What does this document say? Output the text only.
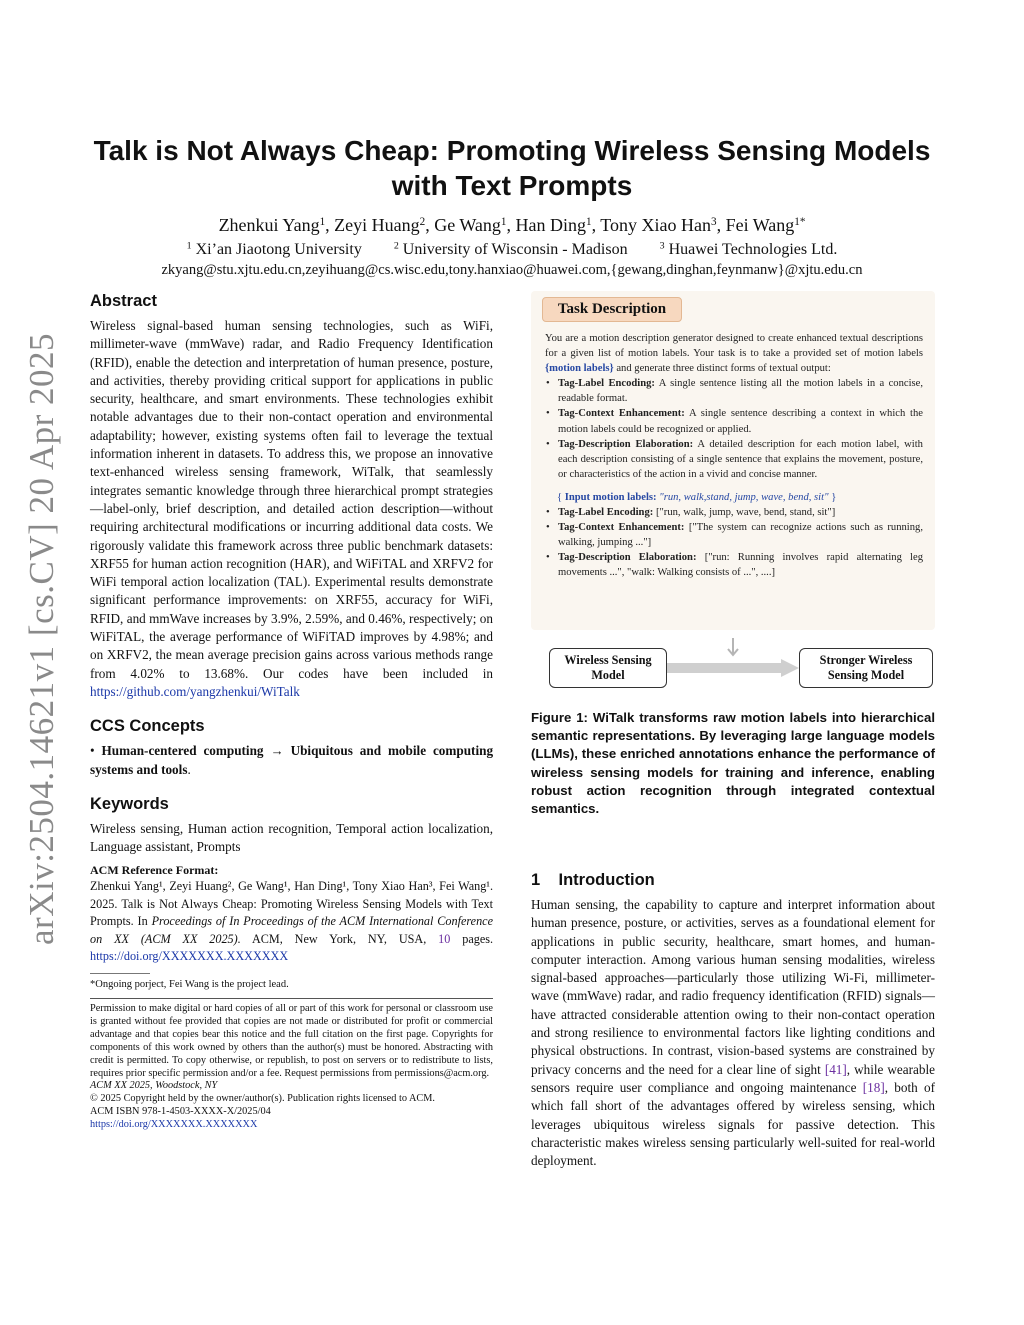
arXiv:2504.14621v1 [cs.CV] 20 Apr 2025
Talk is Not Always Cheap: Promoting Wireless Sensing Models
with Text Prompts
Zhenkui Yang$^1$, Zeyi Huang$^2$, Ge Wang$^1$, Han Ding$^1$, Tony Xiao Han$^3$, Fei Wang$^{1*}$
$^1$ Xi’an Jiaotong University	$^2$ University of Wisconsin - Madison	$^3$ Huawei Technologies Ltd.
zkyang@stu.xjtu.edu.cn,zeyihuang@cs.wisc.edu,tony.hanxiao@huawei.com,{gewang,dinghan,feynmanw}@xjtu.edu.cn
Abstract

Wireless signal-based human sensing technologies, such as WiFi, millimeter-wave (mmWave) radar, and Radio Frequency Identification (RFID), enable the detection and interpretation of human presence, posture, and activities, thereby providing critical support for applications in public security, healthcare, and smart environments. These technologies exhibit notable advantages due to their non-contact operation and environmental adaptability; however, existing systems often fail to leverage the textual information inherent in datasets. To address this, we propose an innovative text-enhanced wireless sensing framework, WiTalk, that seamlessly integrates semantic knowledge through three hierarchical prompt strategies—label-only, brief description, and detailed action description—without requiring architectural modifications or incurring additional data costs. We rigorously validate this framework across three public benchmark datasets: XRF55 for human action recognition (HAR), and WiFiTAL and XRFV2 for WiFi temporal action localization (TAL). Experimental results demonstrate significant performance improvements: on XRF55, accuracy for WiFi, RFID, and mmWave increases by 3.9%, 2.59%, and 0.46%, respectively; on WiFiTAL, the average performance of WiFiTAD improves by 4.98%; and on XRFV2, the mean average precision gains across various methods range from 4.02% to 13.68%. Our codes have been included in https://github.com/yangzhenkui/WiTalk

CCS Concepts

• Human-centered computing → Ubiquitous and mobile computing systems and tools.

Keywords

Wireless sensing, Human action recognition, Temporal action localization, Language assistant, Prompts

ACM Reference Format:

Zhenkui Yang¹, Zeyi Huang², Ge Wang¹, Han Ding¹, Tony Xiao Han³, Fei Wang¹. 2025. Talk is Not Always Cheap: Promoting Wireless Sensing Models with Text Prompts. In Proceedings of In Proceedings of the ACM International Conference on XX (ACM XX 2025). ACM, New York, NY, USA, 10 pages. https://doi.org/XXXXXXX.XXXXXXX

*Ongoing porject, Fei Wang is the project lead.

Permission to make digital or hard copies of all or part of this work for personal or classroom use is granted without fee provided that copies are not made or distributed for profit or commercial advantage and that copies bear this notice and the full citation on the first page. Copyrights for components of this work owned by others than the author(s) must be honored. Abstracting with credit is permitted. To copy otherwise, or republish, to post on servers or to redistribute to lists, requires prior specific permission and/or a fee. Request permissions from permissions@acm.org.

ACM XX 2025, Woodstock, NY

© 2025 Copyright held by the owner/author(s). Publication rights licensed to ACM.

ACM ISBN 978-1-4503-XXXX-X/2025/04

https://doi.org/XXXXXXX.XXXXXXX

Task Description

You are a motion description generator designed to create enhanced textual descriptions for a given list of motion labels. Your task is to take a provided set of motion labels {motion labels} and generate three distinct forms of textual output:

• Tag-Label Encoding: A single sentence listing all the motion labels in a concise, readable format.

• Tag-Context Enhancement: A single sentence describing a context in which the motion labels could be recognized or applied.

• Tag-Description Elaboration: A detailed description for each motion label, with each description consisting of a single sentence that explains the movement, posture, or characteristics of the action in a vivid and concise manner.

{ Input motion labels: "run, walk,stand, jump, wave, bend, sit" }

• Tag-Label Encoding: ["run, walk, jump, wave, bend, stand, sit"]

• Tag-Context Enhancement: ["The system can recognize actions such as running, walking, jumping ..."]

• Tag-Description Elaboration: ["run: Running involves rapid alternating leg movements ...", "walk: Walking consists of ...", ....]

Wireless Sensing Model
Stronger Wireless Sensing Model
Figure 1: WiTalk transforms raw motion labels into hierarchical semantic representations. By leveraging large language models (LLMs), these enriched annotations enhance the performance of wireless sensing models for training and inference, enabling robust action recognition through integrated contextual semantics.
1    Introduction

Human sensing, the capability to capture and interpret information about human presence, posture, or activities, serves as a foundational element for applications in public security, healthcare, smart homes, and human-computer interaction. Among various human sensing modalities, wireless signal-based approaches—particularly those utilizing Wi-Fi, millimeter-wave (mmWave) radar, and radio frequency identification (RFID) signals—have attracted considerable attention owing to their non-contact operation and strong resilience to environmental factors like lighting conditions and physical obstructions. In contrast, vision-based systems are constrained by privacy concerns and the need for a clear line of sight [41], while wearable sensors require user compliance and ongoing maintenance [18], both of which fall short of the advantages offered by wireless sensing, which leverages ubiquitous wireless signals for passive detection. This characteristic makes wireless sensing particularly well-suited for real-world deployment.
